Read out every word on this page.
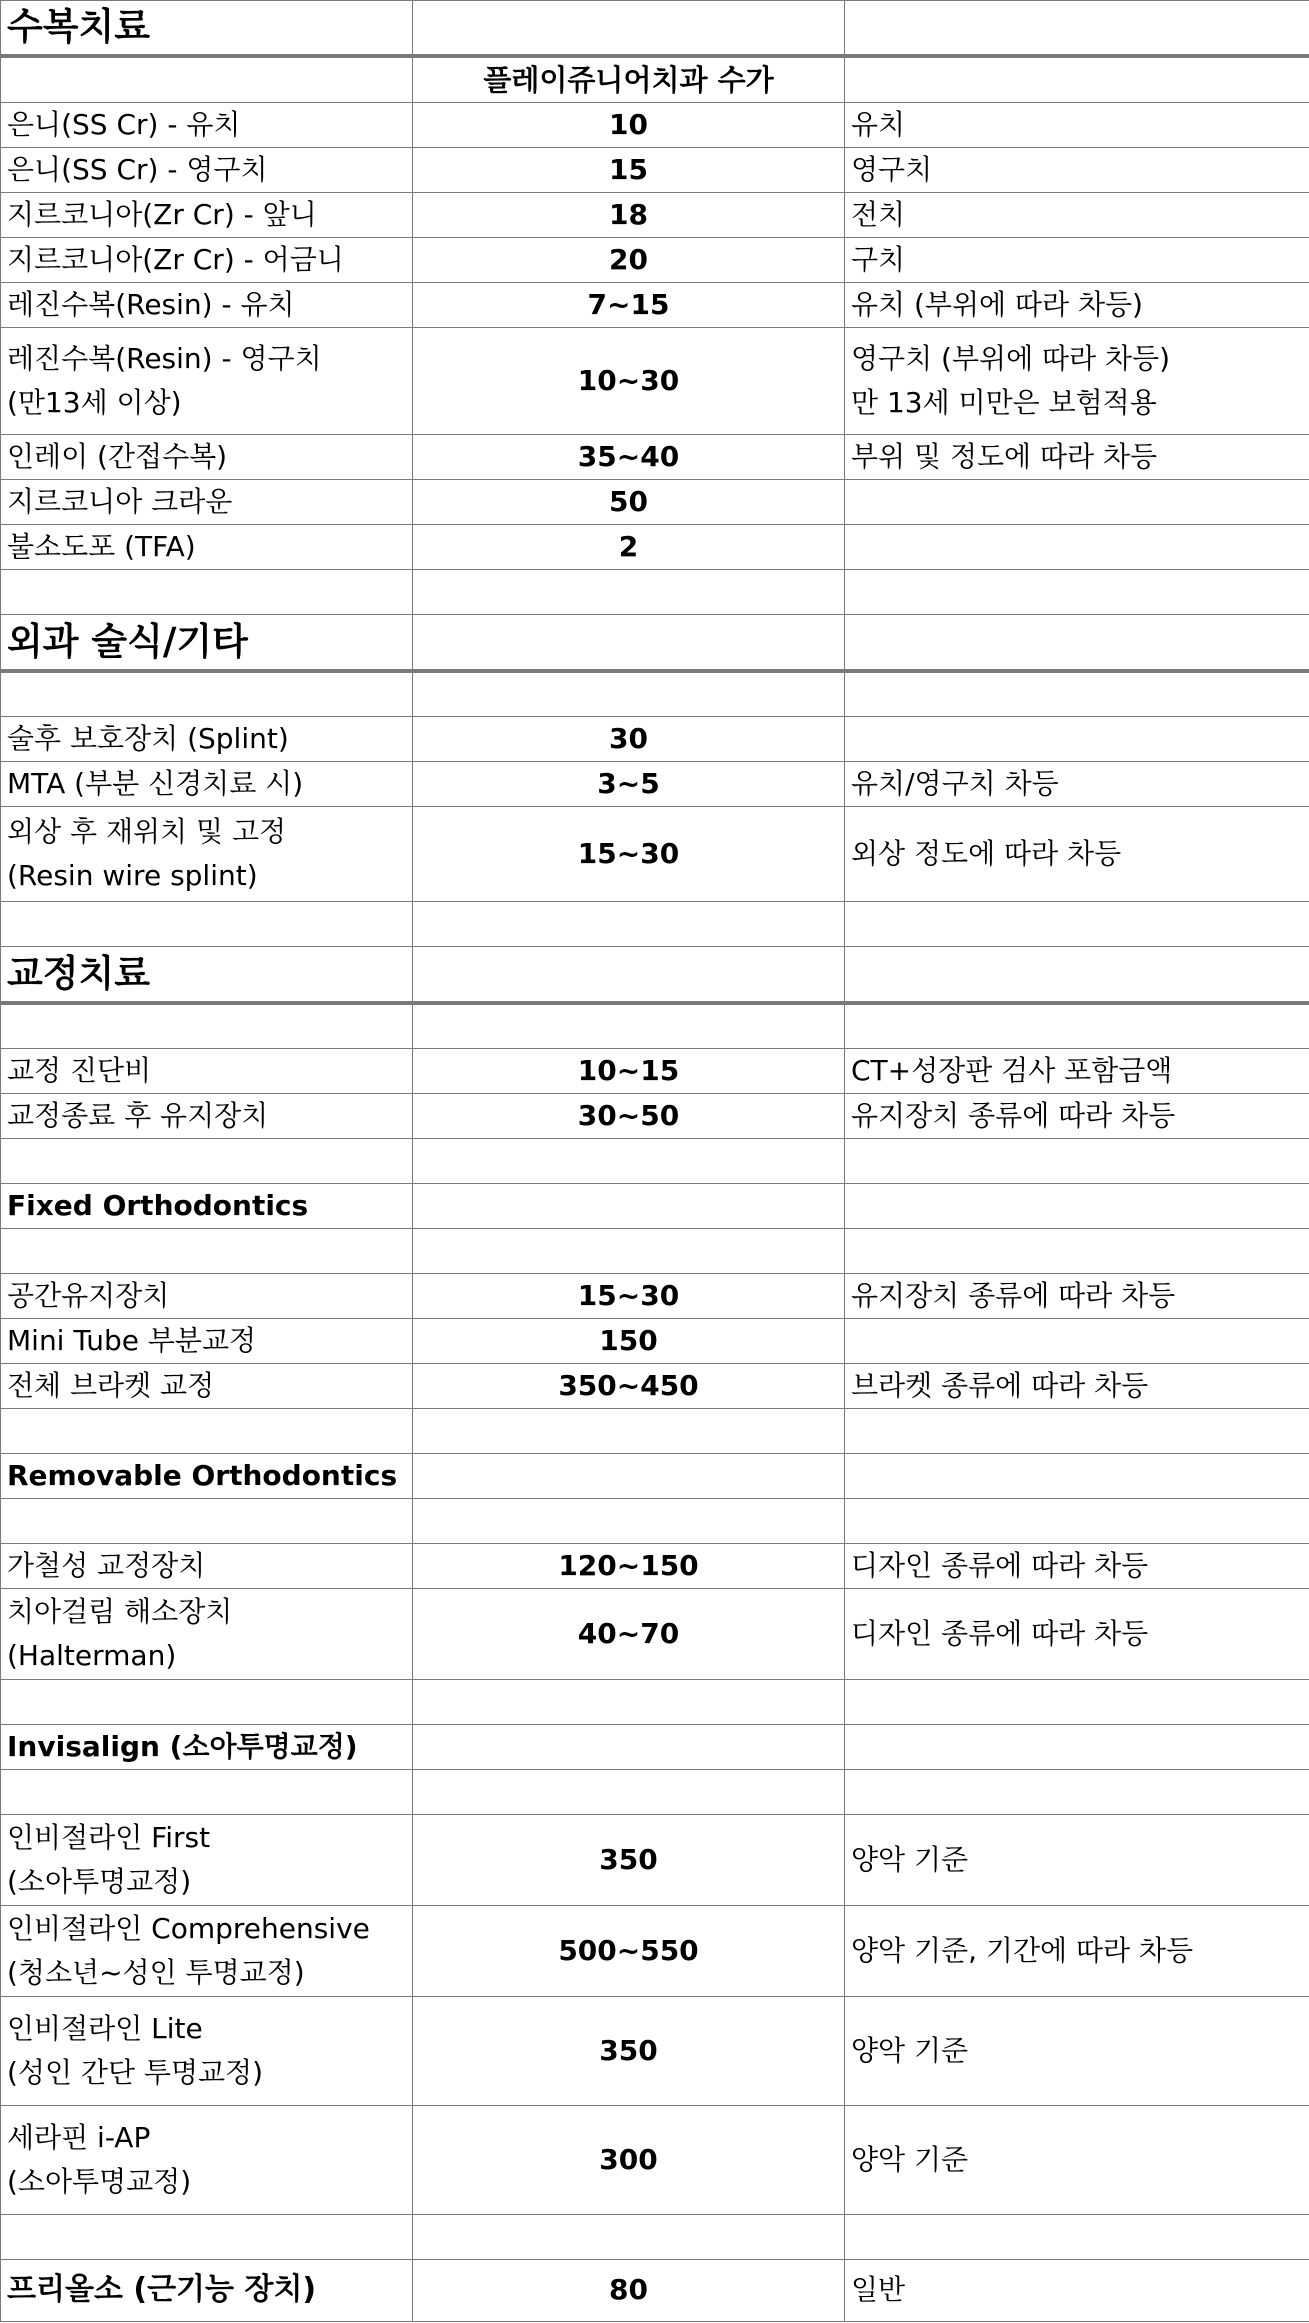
수복치료		

	플레이쥬니어치과 수가	

은니(SS Cr) - 유치	10	유치

은니(SS Cr) - 영구치	15	영구치

지르코니아(Zr Cr) - 앞니	18	전치

지르코니아(Zr Cr) - 어금니	20	구치

레진수복(Resin) - 유치	7~15	유치 (부위에 따라 차등)

레진수복(Resin) - 영구치
(만13세 이상)	10~30	영구치 (부위에 따라 차등)
만 13세 미만은 보험적용

인레이 (간접수복)	35~40	부위 및 정도에 따라 차등

지르코니아 크라운	50	

불소도포 (TFA)	2	

외과 술식/기타		

술후 보호장치 (Splint)	30	

MTA (부분 신경치료 시)	3~5	유치/영구치 차등

외상 후 재위치 및 고정
(Resin wire splint)	15~30	외상 정도에 따라 차등

교정치료		

교정 진단비	10~15	CT+성장판 검사 포함금액

교정종료 후 유지장치	30~50	유지장치 종류에 따라 차등

Fixed Orthodontics		

공간유지장치	15~30	유지장치 종류에 따라 차등

Mini Tube 부분교정	150	

전체 브라켓 교정	350~450	브라켓 종류에 따라 차등

Removable Orthodontics		

가철성 교정장치	120~150	디자인 종류에 따라 차등

치아걸림 해소장치
(Halterman)	40~70	디자인 종류에 따라 차등

Invisalign (소아투명교정)		

인비절라인 First
(소아투명교정)	350	양악 기준

인비절라인 Comprehensive
(청소년~성인 투명교정)	500~550	양악 기준, 기간에 따라 차등

인비절라인 Lite
(성인 간단 투명교정)	350	양악 기준

세라핀 i-AP
(소아투명교정)	300	양악 기준

프리올소 (근기능 장치)	80	일반
